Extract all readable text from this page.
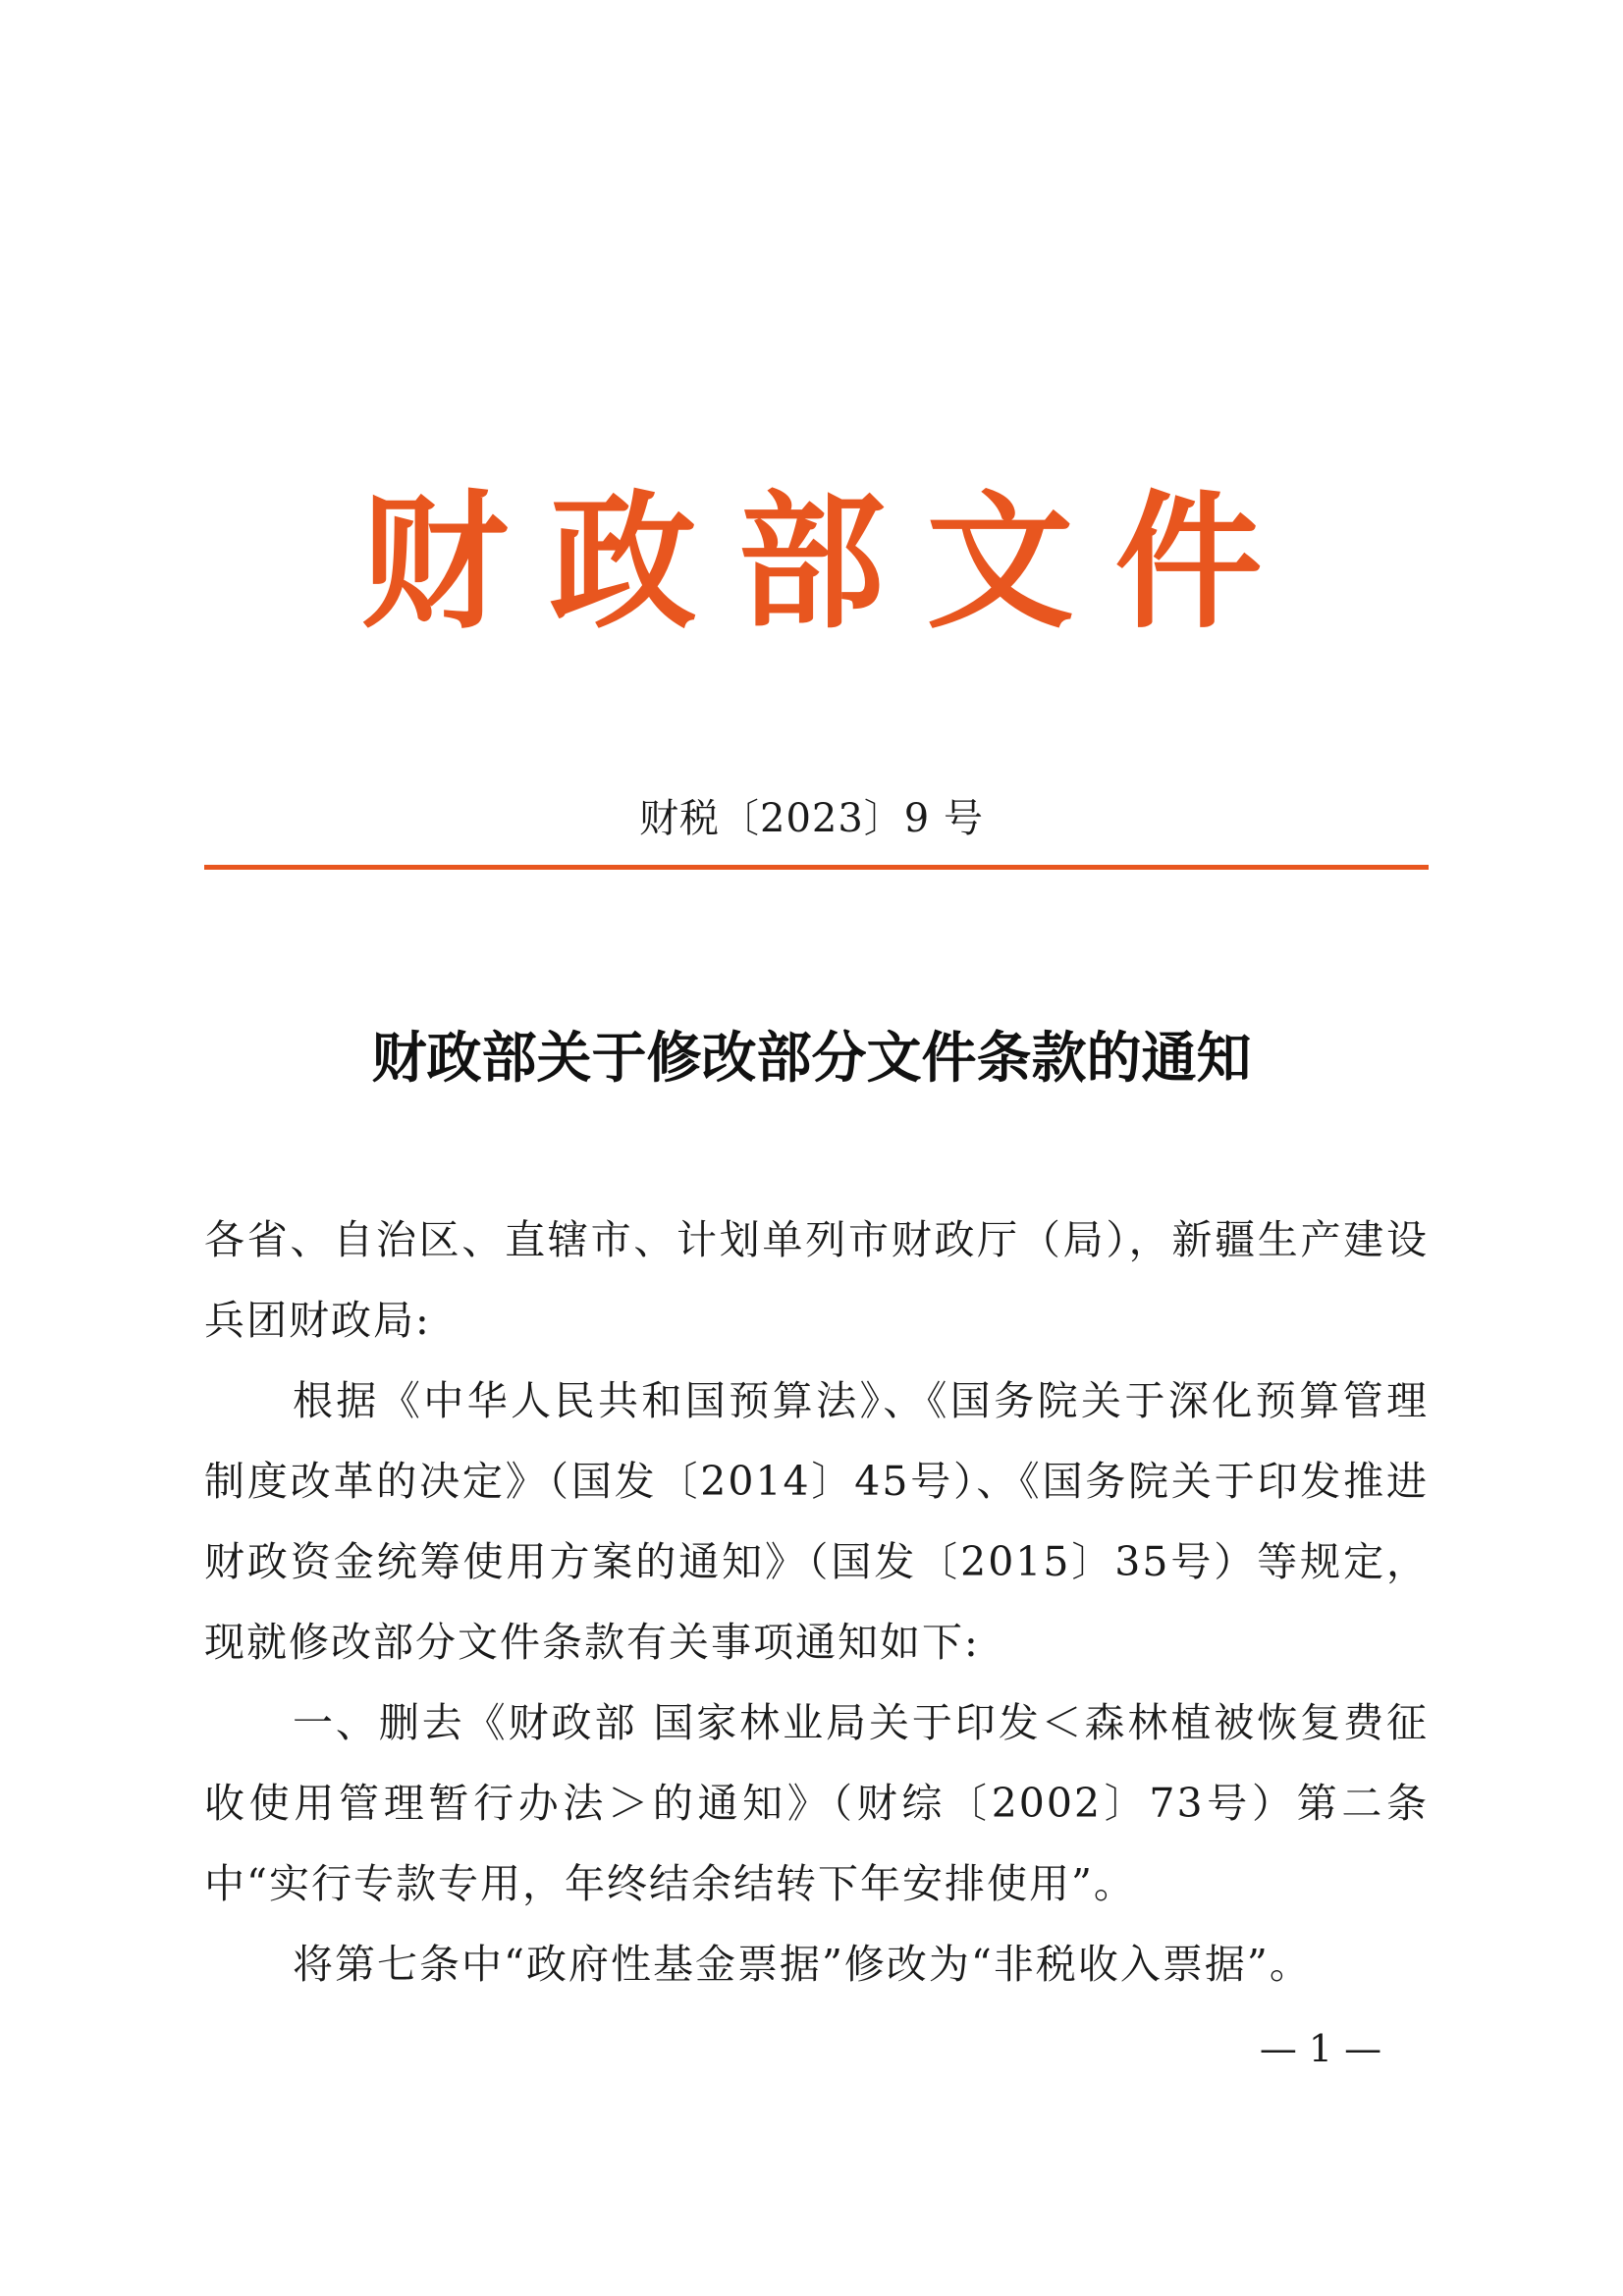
财政部文件
财税〔2023〕9 号
财政部关于修改部分文件条款的通知

各省、自治区、直辖市、计划单列市财政厅（局），新疆生产建设兵团财政局:

根据《中华人民共和国预算法》、《国务院关于深化预算管理制度改革的决定》（国发〔2014〕45号）、《国务院关于印发推进财政资金统筹使用方案的通知》（国发〔2015〕35号）等规定，现就修改部分文件条款有关事项通知如下:

一、删去《财政部 国家林业局关于印发＜森林植被恢复费征收使用管理暂行办法＞的通知》（财综〔2002〕73号）第二条中“实行专款专用，年终结余结转下年安排使用”。

将第七条中“政府性基金票据”修改为“非税收入票据”。

— 1 —
